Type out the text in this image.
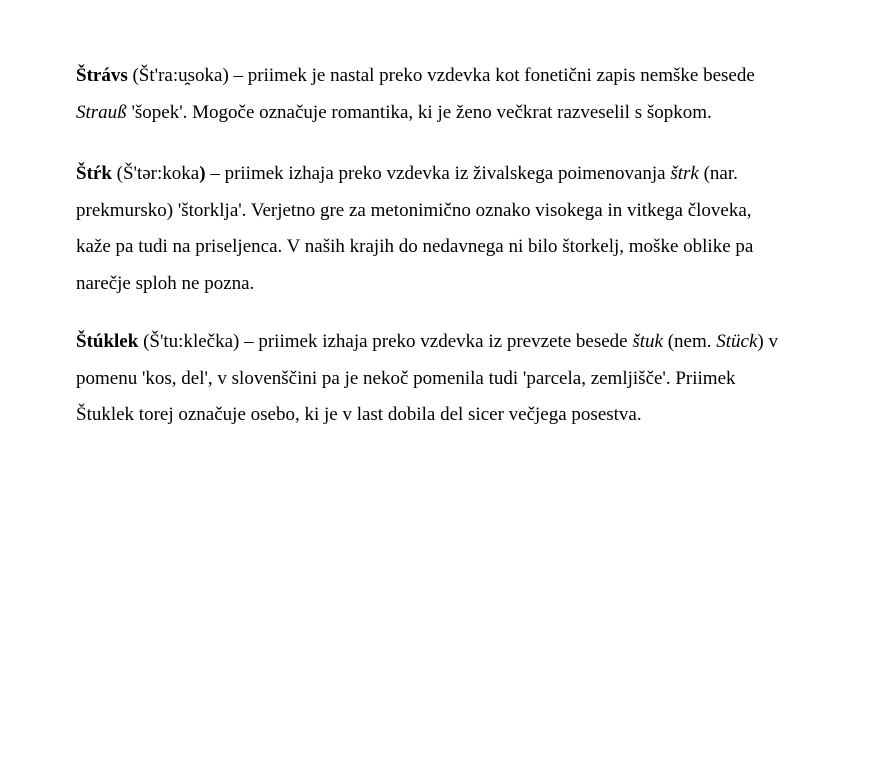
Štrávs (Št'ra:u̯soka) – priimek je nastal preko vzdevka kot fonetični zapis nemške besede
Strauß 'šopek'. Mogoče označuje romantika, ki je ženo večkrat razveselil s šopkom.
Štŕk (Š'tər:koka) – priimek izhaja preko vzdevka iz živalskega poimenovanja štrk (nar.
prekmursko) 'štorklja'. Verjetno gre za metonimično oznako visokega in vitkega človeka,
kaže pa tudi na priseljenca. V naših krajih do nedavnega ni bilo štorkelj, moške oblike pa
narečje sploh ne pozna.
Štúklek (Š'tu:klečka) – priimek izhaja preko vzdevka iz prevzete besede štuk (nem. Stück) v
pomenu 'kos, del', v slovenščini pa je nekoč pomenila tudi 'parcela, zemljišče'. Priimek
Štuklek torej označuje osebo, ki je v last dobila del sicer večjega posestva.
